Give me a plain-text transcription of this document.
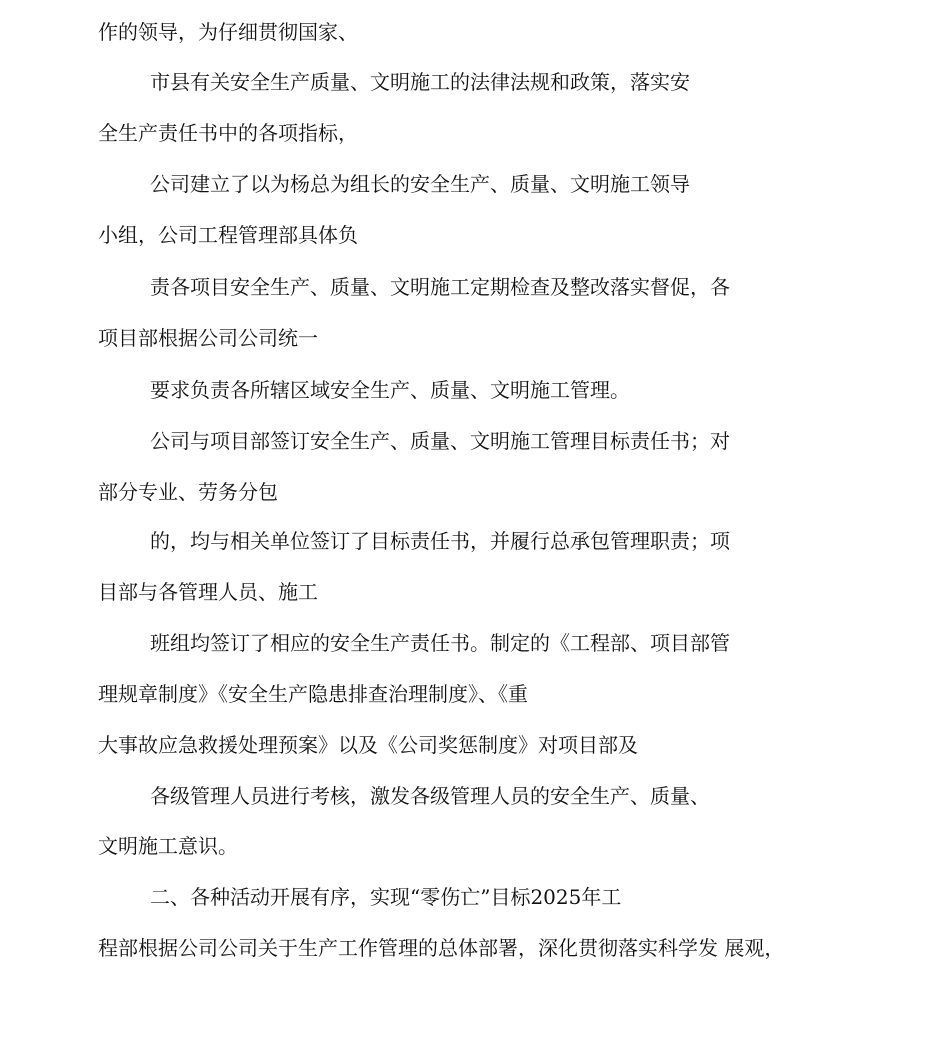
作的领导，为仔细贯彻国家、
市县有关安全生产质量、文明施工的法律法规和政策，落实安
全生产责任书中的各项指标，
公司建立了以为杨总为组长的安全生产、质量、文明施工领导
小组，公司工程管理部具体负
责各项目安全生产、质量、文明施工定期检查及整改落实督促，各
项目部根据公司公司统一
要求负责各所辖区域安全生产、质量、文明施工管理。
公司与项目部签订安全生产、质量、文明施工管理目标责任书；对
部分专业、劳务分包
的，均与相关单位签订了目标责任书，并履行总承包管理职责；项
目部与各管理人员、施工
班组均签订了相应的安全生产责任书。制定的《工程部、项目部管
理规章制度》《安全生产隐患排查治理制度》、《重
大事故应急救援处理预案》以及《公司奖惩制度》对项目部及
各级管理人员进行考核，激发各级管理人员的安全生产、质量、
文明施工意识。
二、各种活动开展有序，实现“零伤亡”目标2025年工
程部根据公司公司关于生产工作管理的总体部署，深化贯彻落实科学发 展观，
